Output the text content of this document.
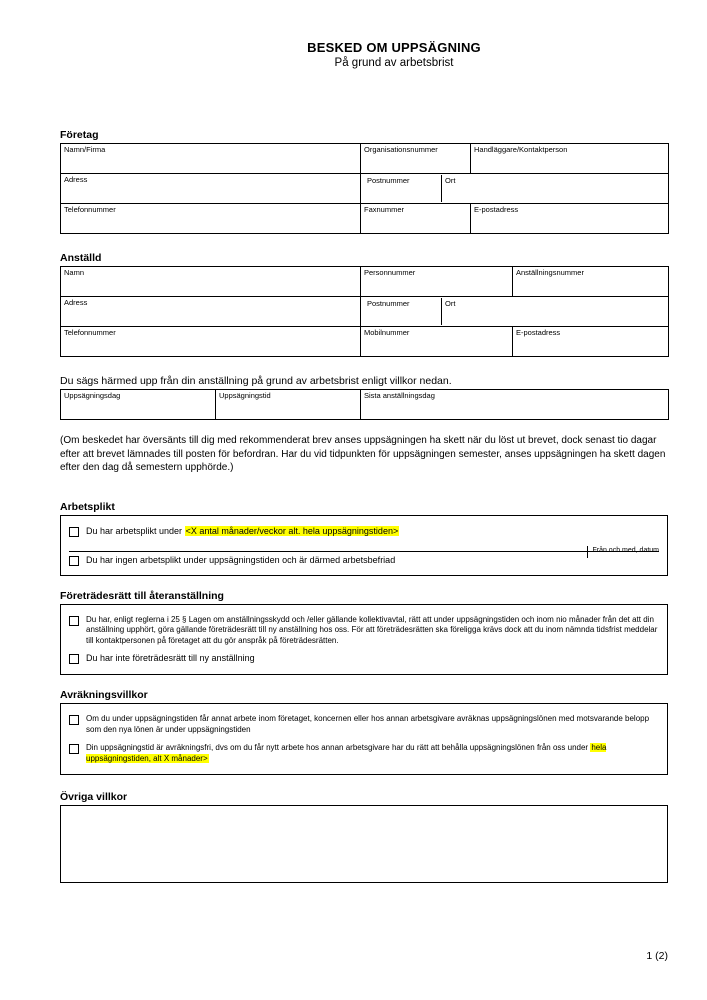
BESKED OM UPPSÄGNING
På grund av arbetsbrist
Företag
Namn/Firma	Organisationsnummer	Handläggare/Kontaktperson
Adress	Postnummer Ort	

Telefonnummer	Faxnummer	E-postadress
Anställd
Namn	Personnummer	Anställningsnummer
Adress	Postnummer Ort	

Telefonnummer	Mobilnummer	E-postadress
Du sägs härmed upp från din anställning på grund av arbetsbrist enligt villkor nedan.
Uppsägningsdag	Uppsägningstid	Sista anställningsdag
(Om beskedet har översänts till dig med rekommenderat brev anses uppsägningen ha skett när du löst ut brevet, dock senast tio dagar efter att brevet lämnades till posten för befordran. Har du vid tidpunkten för uppsägningen semester, anses uppsägningen ha skett dagen efter den dag då semestern upphörde.)
Arbetsplikt
Du har arbetsplikt under <X antal månader/veckor alt. hela uppsägningstiden>
Från och med, datum
Du har ingen arbetsplikt under uppsägningstiden och är därmed arbetsbefriad
Företrädesrätt till återanställning
Du har, enligt reglerna i 25 § Lagen om anställningsskydd och /eller gällande kollektivavtal, rätt att under uppsägningstiden och inom nio månader från det att din anställning upphört, göra gällande företrädesrätt till ny anställning hos oss. För att företrädesrätten ska föreligga krävs dock att du inom nämnda tidsfrist meddelar till kontaktpersonen på företaget att du gör anspråk på företrädesrätten.
Du har inte företrädesrätt till ny anställning
Avräkningsvillkor
Om du under uppsägningstiden får annat arbete inom företaget, koncernen eller hos annan arbetsgivare avräknas uppsägningslönen med motsvarande belopp som den nya lönen är under uppsägningstiden
Din uppsägningstid är avräkningsfri, dvs om du får nytt arbete hos annan arbetsgivare har du rätt att behålla uppsägningslönen från oss under hela uppsägningstiden, alt X månader>
Övriga villkor
1 (2)
